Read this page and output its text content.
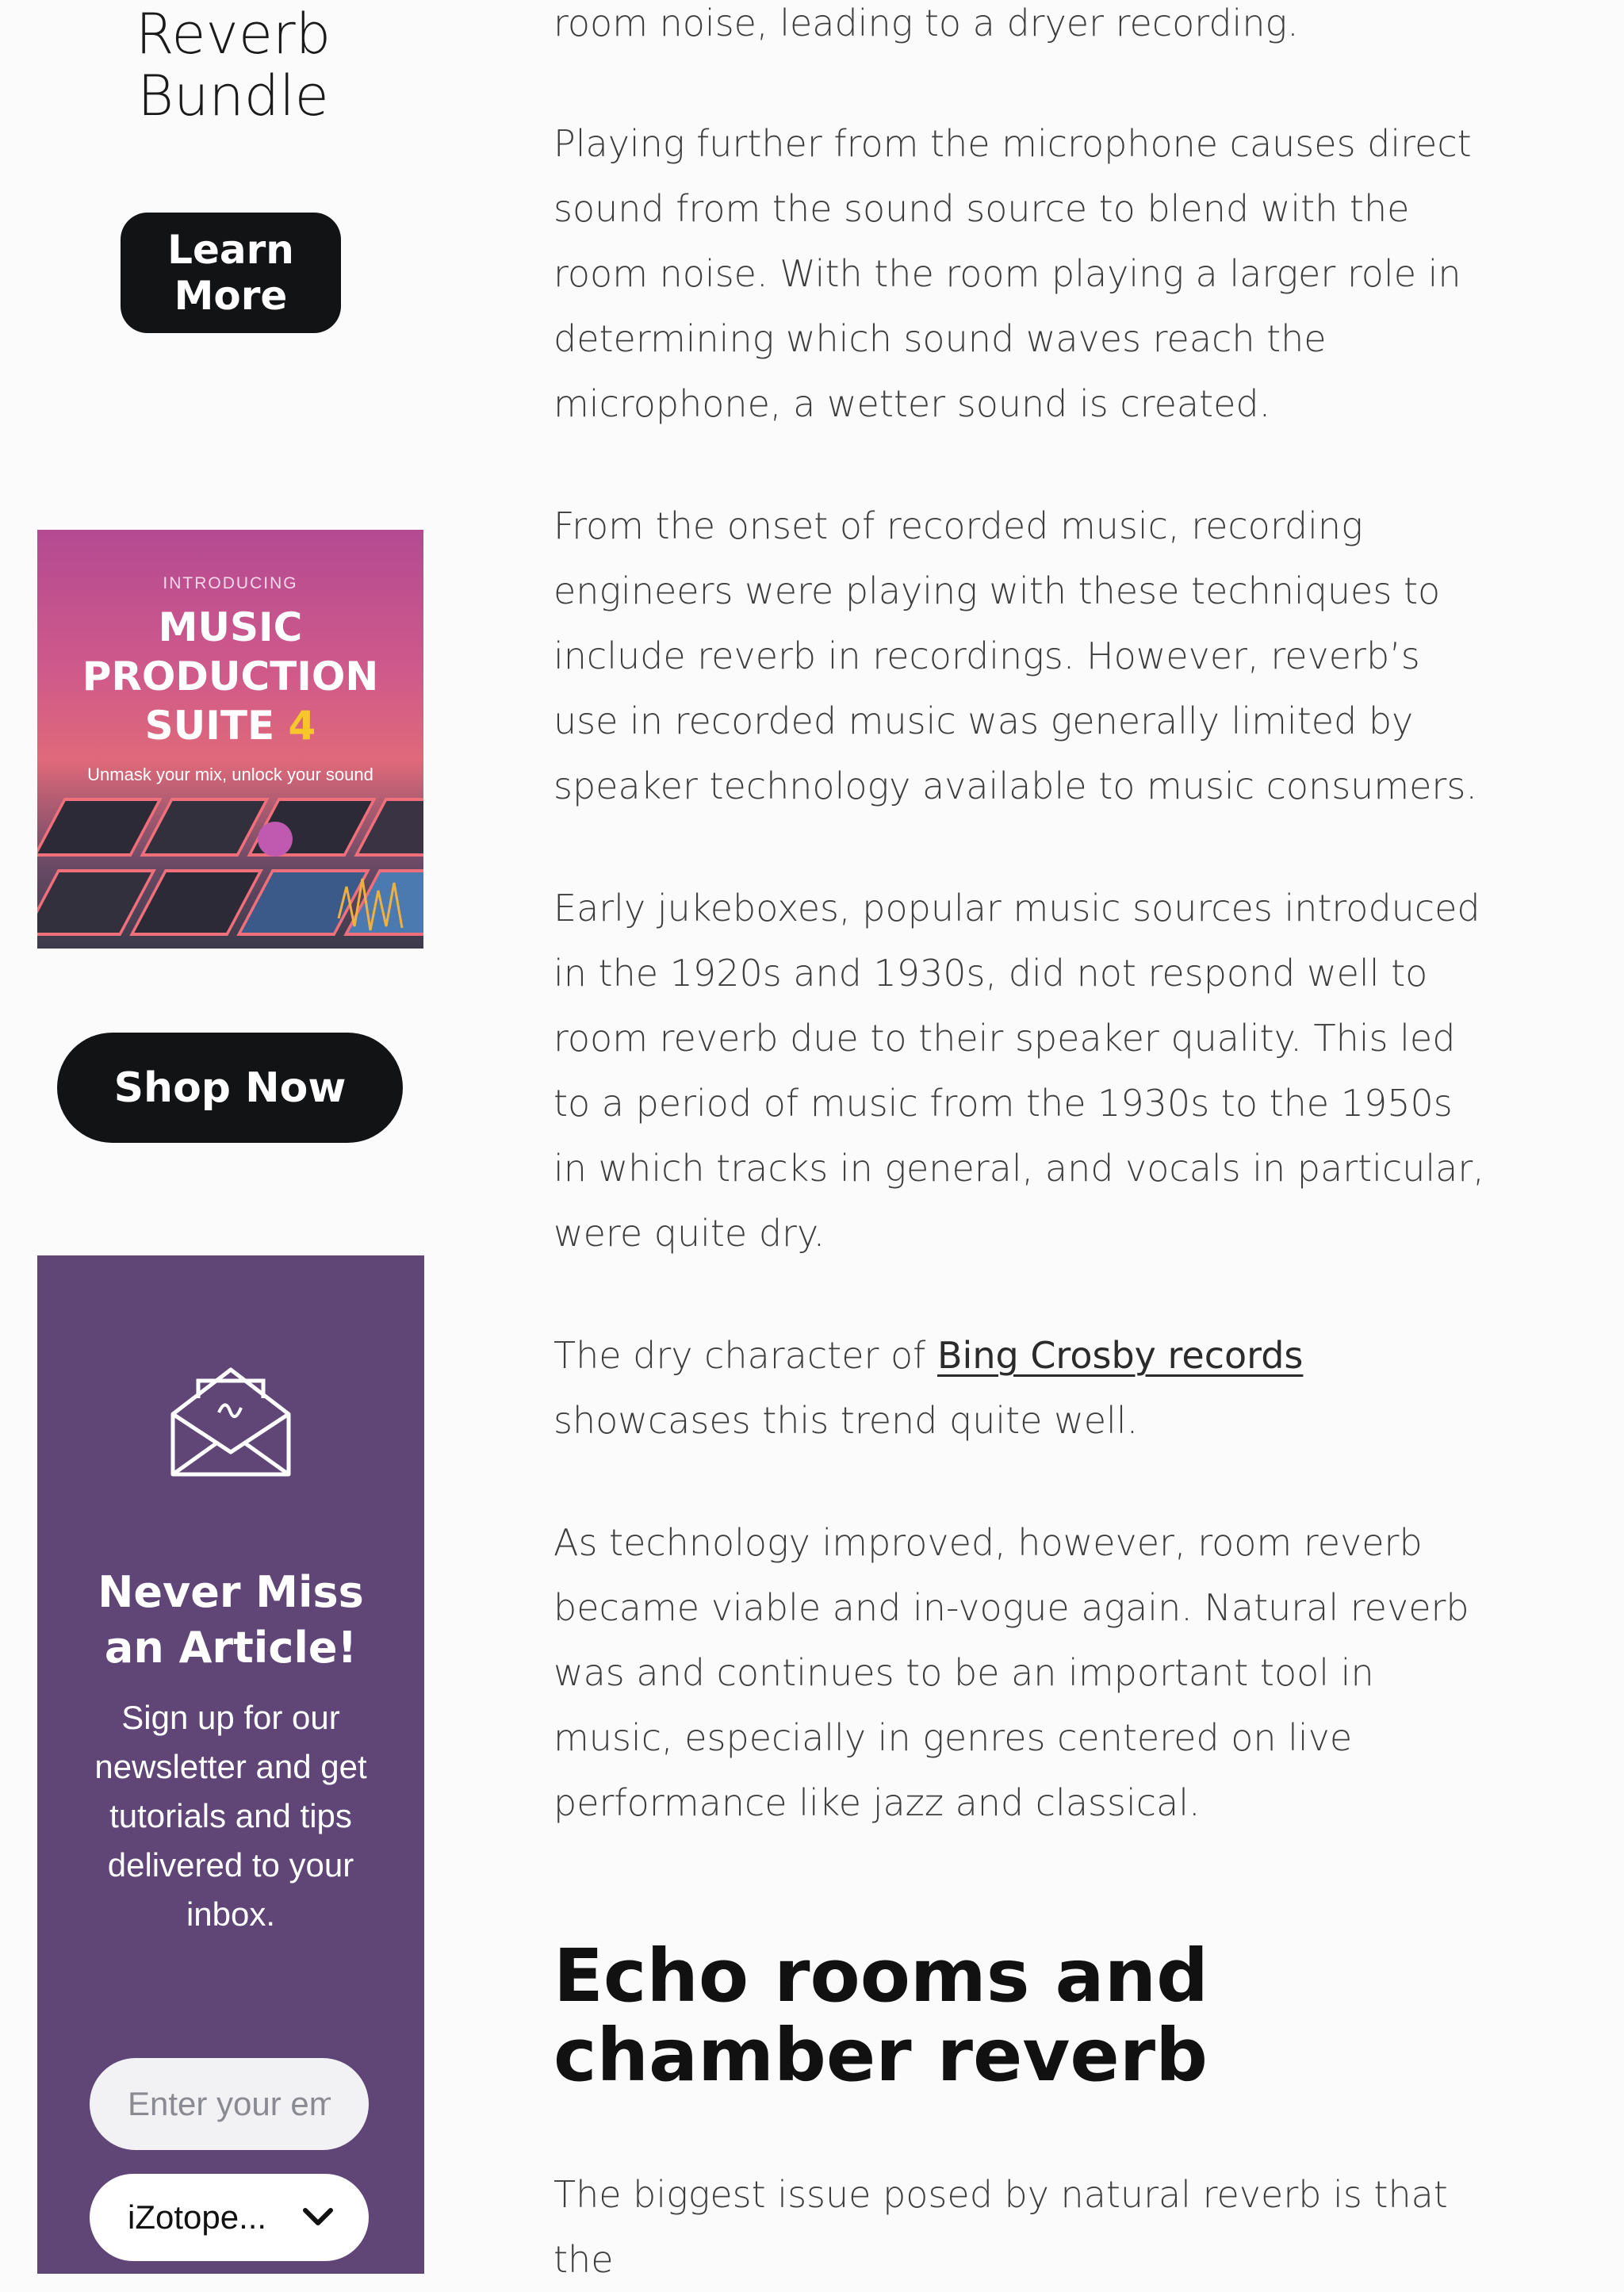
Reverb
Bundle
Learn
More
INTRODUCING
MUSIC
PRODUCTION
SUITE 4
Unmask your mix, unlock your sound
Shop Now
Never Miss
an Article!
Sign up for our newsletter and get tutorials and tips delivered to your inbox.
Enter your em
iZotope...

room noise, leading to a dryer recording.

Playing further from the microphone causes direct sound from the sound source to blend with the room noise. With the room playing a larger role in determining which sound waves reach the microphone, a wetter sound is created.

From the onset of recorded music, recording engineers were playing with these techniques to include reverb in recordings. However, reverb’s use in recorded music was generally limited by speaker technology available to music consumers.

Early jukeboxes, popular music sources introduced in the 1920s and 1930s, did not respond well to room reverb due to their speaker quality. This led to a period of music from the 1930s to the 1950s in which tracks in general, and vocals in particular, were quite dry.

The dry character of Bing Crosby records showcases this trend quite well.

As technology improved, however, room reverb became viable and in-vogue again. Natural reverb was and continues to be an important tool in music, especially in genres centered on live performance like jazz and classical.

Echo rooms and chamber reverb

The biggest issue posed by natural reverb is that the
